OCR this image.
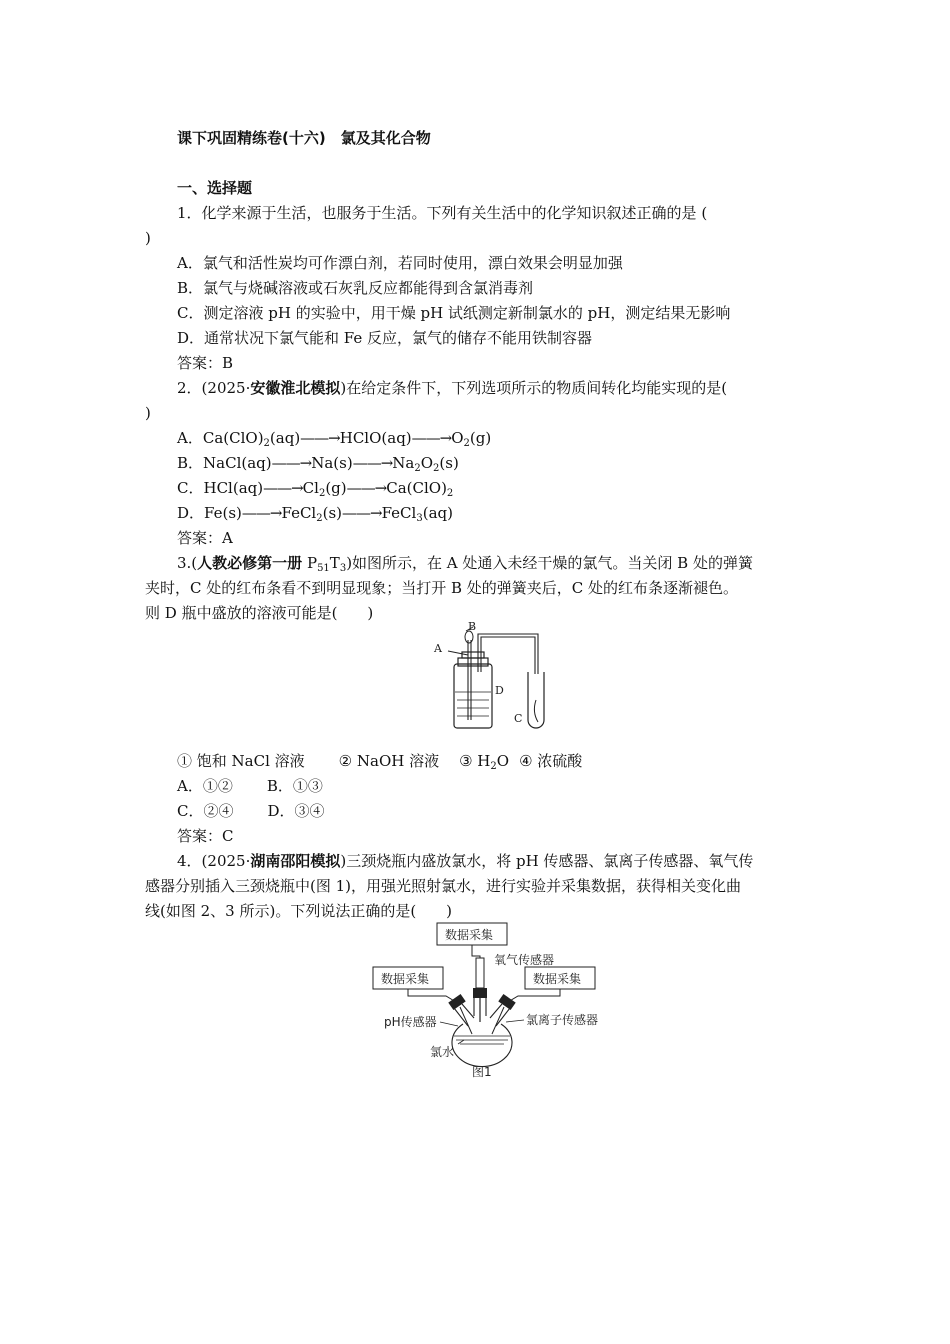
课下巩固精练卷(十六)　氯及其化合物
一、选择题
1．化学来源于生活，也服务于生活。下列有关生活中的化学知识叙述正确的是 (
)
A．氯气和活性炭均可作漂白剂，若同时使用，漂白效果会明显加强
B．氯气与烧碱溶液或石灰乳反应都能得到含氯消毒剂
C．测定溶液 pH 的实验中，用干燥 pH 试纸测定新制氯水的 pH，测定结果无影响
D．通常状况下氯气能和 Fe 反应，氯气的储存不能用铁制容器
答案：B
2．(2025·安徽淮北模拟)在给定条件下，下列选项所示的物质间转化均能实现的是(
)
A．$Ca(ClO)_2(aq)——\to HClO(aq)——\to O_2(g)$
B．$NaCl(aq)——\to Na(s)——\to Na_2O_2(s)$
C．$HCl(aq)——\to Cl_2(g)——\to Ca(ClO)_2$
D．Fe(s)——→FeCl$_2$(s)——→FeCl$_3$(aq)
答案：A
3.(人教必修第一册 $P_{51}T_3$)如图所示，在 A 处通入未经干燥的氯气。当关闭 B 处的弹簧
夹时，C 处的红布条看不到明显现象；当打开 B 处的弹簧夹后，C 处的红布条逐渐褪色。
则 D 瓶中盛放的溶液可能是(　　)
A
B
D
C
① 饱和 NaCl 溶液 ② NaOH 溶液 ③ $H_2O$ ④ 浓硫酸
A．①② B．①③
C．②④ D．③④
答案：C
4．(2025·湖南邵阳模拟)三颈烧瓶内盛放氯水，将 pH 传感器、氯离子传感器、氧气传
感器分别插入三颈烧瓶中(图 1)，用强光照射氯水，进行实验并采集数据，获得相关变化曲
线(如图 2、3 所示)。下列说法正确的是(　　)
数据采集
数据采集	数据采集
氧气传感器
pH传感器	氯离子传感器
氯水
图1
